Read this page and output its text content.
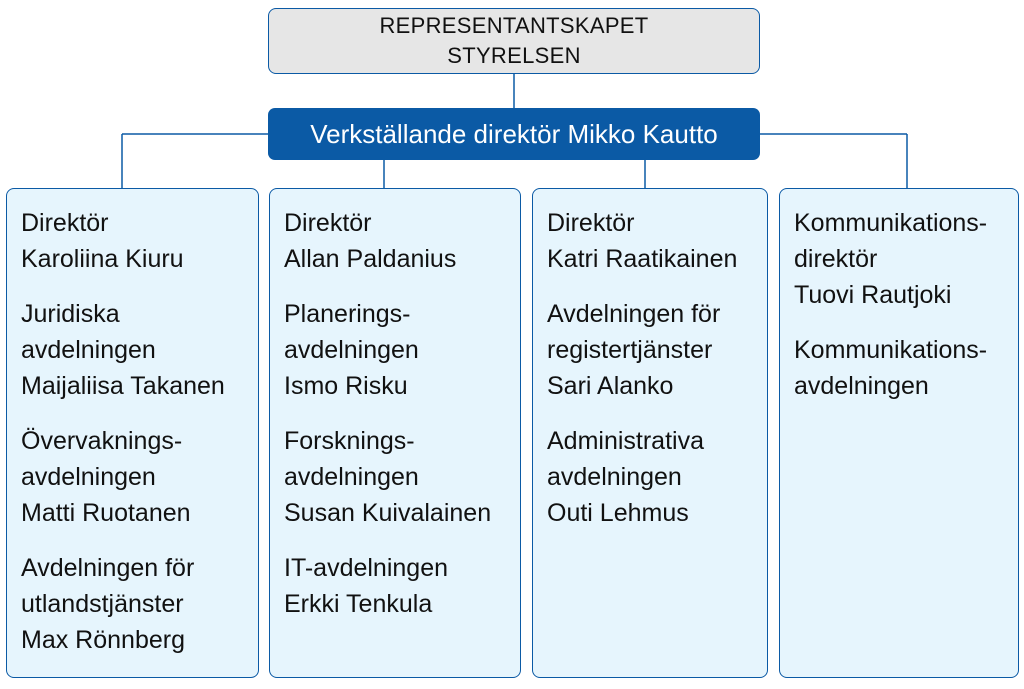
REPRESENTANTSKAPET
STYRELSEN
Verkställande direktör Mikko Kautto
Direktör
Karoliina Kiuru
Juridiska
avdelningen
Maijaliisa Takanen
Övervaknings-
avdelningen
Matti Ruotanen
Avdelningen för
utlandstjänster
Max Rönnberg
Direktör
Allan Paldanius
Planerings-
avdelningen
Ismo Risku
Forsknings-
avdelningen
Susan Kuivalainen
IT-avdelningen
Erkki Tenkula
Direktör
Katri Raatikainen
Avdelningen för
registertjänster
Sari Alanko
Administrativa
avdelningen
Outi Lehmus
Kommunikations-
direktör
Tuovi Rautjoki
Kommunikations-
avdelningen
